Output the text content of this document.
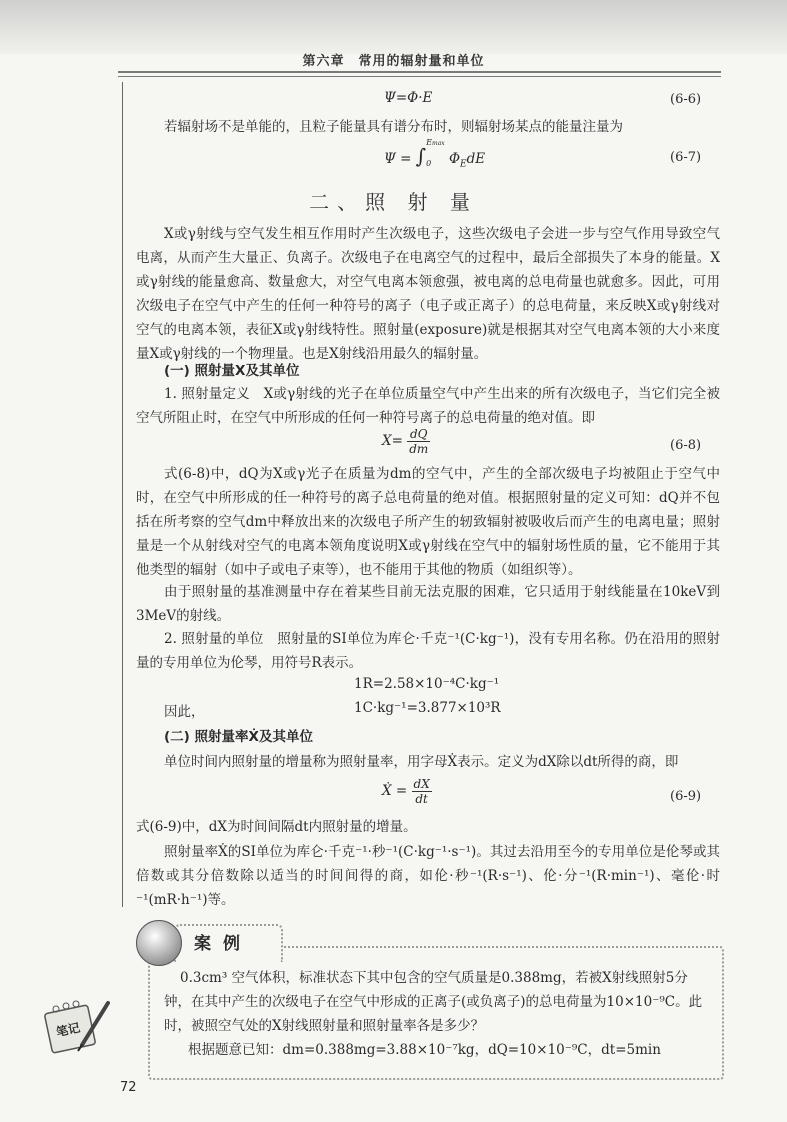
第六章　常用的辐射量和单位
Ψ=Φ·E	(6-6)
若辐射场不是单能的，且粒子能量具有谱分布时，则辐射场某点的能量注量为
Ψ = ∫Emax

0 $\Phi_EdE$	(6-7)
二、照 射 量
X或γ射线与空气发生相互作用时产生次级电子，这些次级电子会进一步与空气作用导致空气电离，从而产生大量正、负离子。次级电子在电离空气的过程中，最后全部损失了本身的能量。X或γ射线的能量愈高、数量愈大，对空气电离本领愈强，被电离的总电荷量也就愈多。因此，可用次级电子在空气中产生的任何一种符号的离子（电子或正离子）的总电荷量，来反映X或γ射线对空气的电离本领，表征X或γ射线特性。照射量(exposure)就是根据其对空气电离本领的大小来度量X或γ射线的一个物理量。也是X射线沿用最久的辐射量。
(一) 照射量X及其单位
1. 照射量定义　X或γ射线的光子在单位质量空气中产生出来的所有次级电子，当它们完全被空气所阻止时，在空气中所形成的任何一种符号离子的总电荷量的绝对值。即
$X= \frac{dQ}{dm}$	(6-8)
式(6-8)中，dQ为X或γ光子在质量为dm的空气中，产生的全部次级电子均被阻止于空气中时，在空气中所形成的任一种符号的离子总电荷量的绝对值。根据照射量的定义可知：dQ并不包括在所考察的空气dm中释放出来的次级电子所产生的轫致辐射被吸收后而产生的电离电量；照射量是一个从射线对空气的电离本领角度说明X或γ射线在空气中的辐射场性质的量，它不能用于其他类型的辐射（如中子或电子束等），也不能用于其他的物质（如组织等）。
由于照射量的基准测量中存在着某些目前无法克服的困难，它只适用于射线能量在10keV到3MeV的射线。
2. 照射量的单位　照射量的SI单位为库仑·千克⁻¹(C·kg⁻¹)，没有专用名称。仍在沿用的照射量的专用单位为伦琴，用符号R表示。
1R=2.58×10⁻⁴C·kg⁻¹
因此，	1C·kg⁻¹=3.877×10³R
(二) 照射量率Ẋ及其单位
单位时间内照射量的增量称为照射量率，用字母Ẋ表示。定义为dX除以dt所得的商，即
Ẋ = $\frac{dX}{dt}$	(6-9)
式(6-9)中，dX为时间间隔dt内照射量的增量。
照射量率Ẋ的SI单位为库仑·千克⁻¹·秒⁻¹(C·kg⁻¹·s⁻¹)。其过去沿用至今的专用单位是伦琴或其倍数或其分倍数除以适当的时间间得的商，如伦·秒⁻¹(R·s⁻¹)、伦·分⁻¹(R·min⁻¹)、毫伦·时⁻¹(mR·h⁻¹)等。
案例
0.3cm³ 空气体积，标准状态下其中包含的空气质量是0.388mg，若被X射线照射5分钟，在其中产生的次级电子在空气中形成的正离子(或负离子)的总电荷量为10×10⁻⁹C。此时，被照空气处的X射线照射量和照射量率各是多少？
根据题意已知：dm=0.388mg=3.88×10⁻⁷kg，dQ=10×10⁻⁹C，dt=5min
笔记
72
